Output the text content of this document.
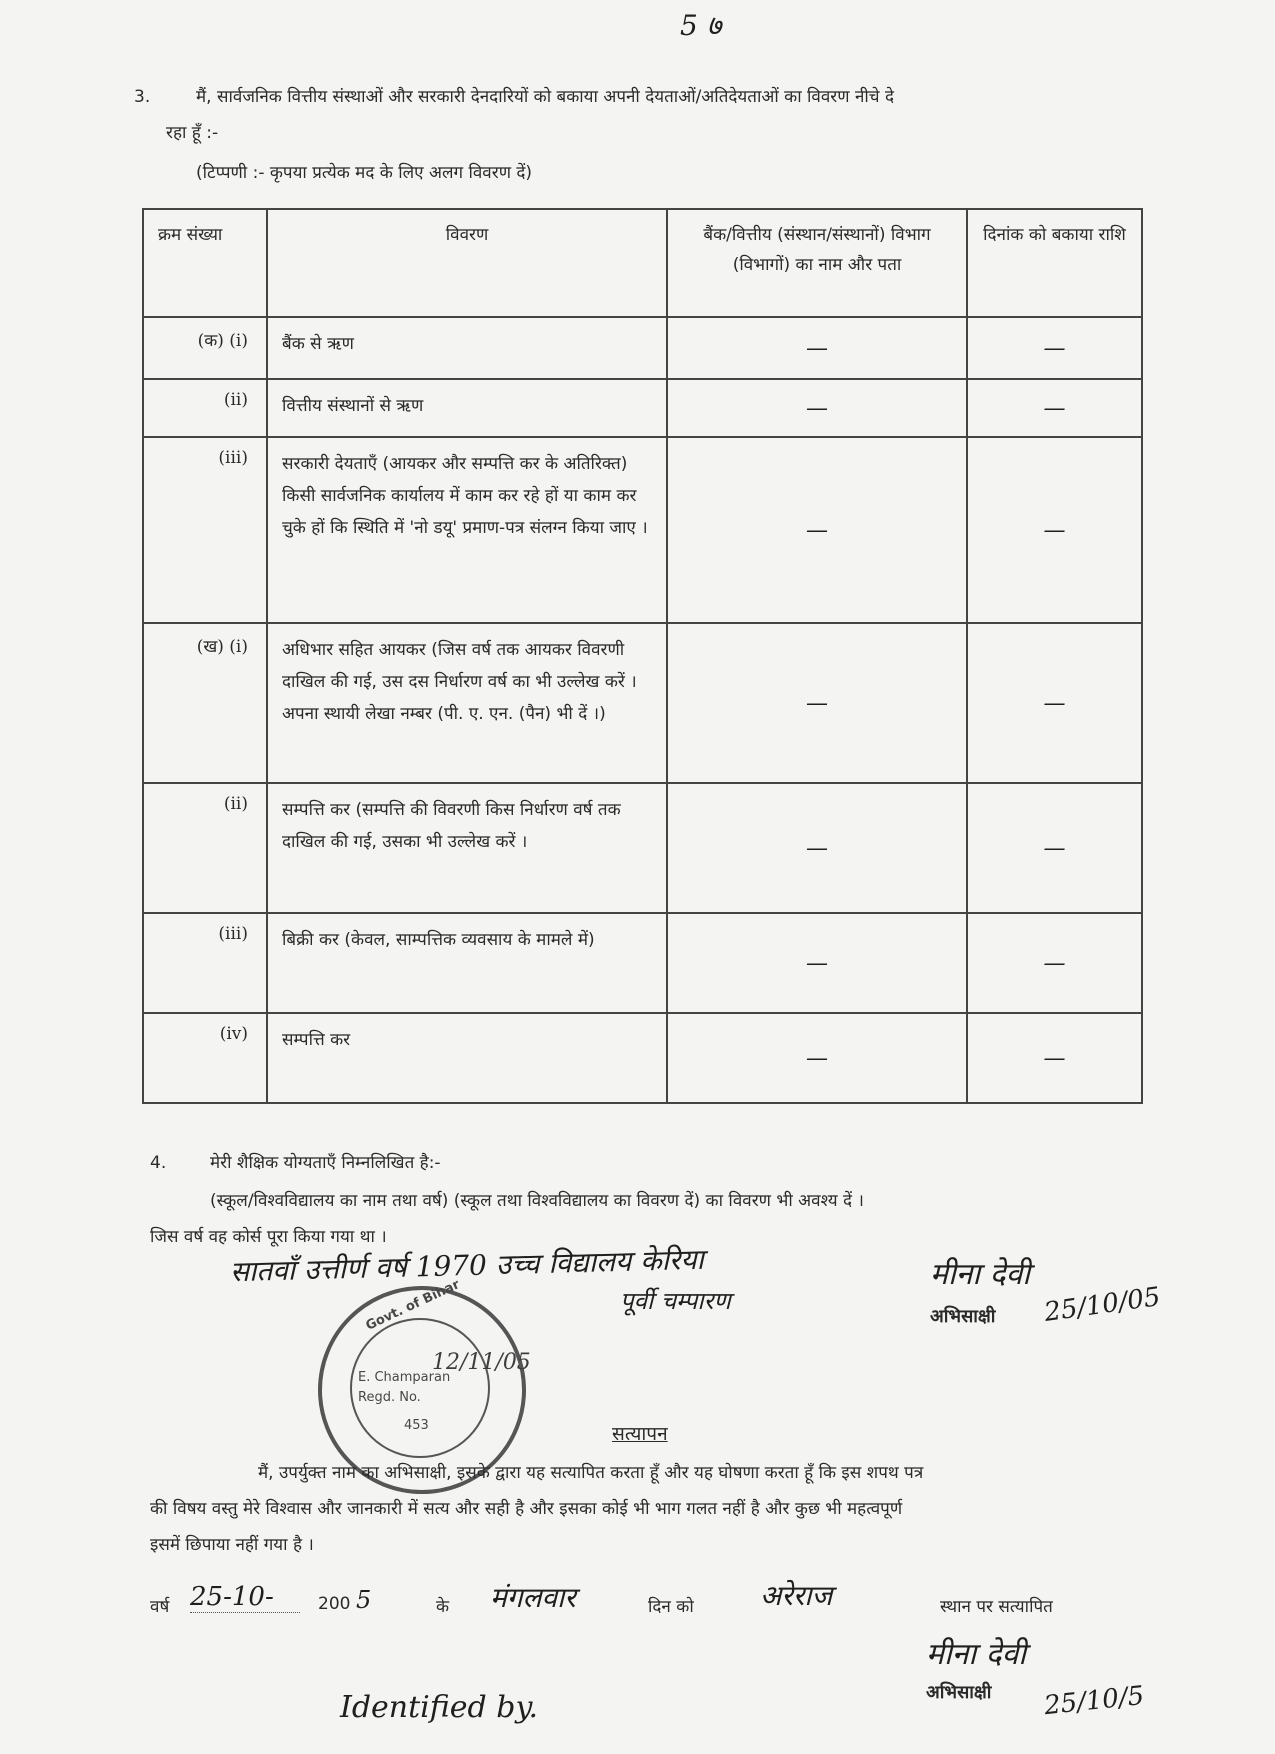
5 ७
3.	मैं, सार्वजनिक वित्तीय संस्थाओं और सरकारी देनदारियों को बकाया अपनी देयताओं/अतिदेयताओं का विवरण नीचे दे
रहा हूँ :-
(टिप्पणी :- कृपया प्रत्येक मद के लिए अलग विवरण दें)
क्रम संख्या	विवरण	बैंक/वित्तीय (संस्थान/संस्थानों) विभाग (विभागों) का नाम और पता	दिनांक को बकाया राशि
(क) (i)	बैंक से ऋण	—	—
(ii)	वित्तीय संस्थानों से ऋण	—	—
(iii)	सरकारी देयताएँ (आयकर और सम्पत्ति कर के अतिरिक्त) किसी सार्वजनिक कार्यालय में काम कर रहे हों या काम कर चुके हों कि स्थिति में 'नो डयू' प्रमाण-पत्र संलग्न किया जाए ।	—	—
(ख) (i)	अधिभार सहित आयकर (जिस वर्ष तक आयकर विवरणी दाखिल की गई, उस दस निर्धारण वर्ष का भी उल्लेख करें । अपना स्थायी लेखा नम्बर (पी. ए. एन. (पैन) भी दें ।)	—	—
(ii)	सम्पत्ति कर (सम्पत्ति की विवरणी किस निर्धारण वर्ष तक दाखिल की गई, उसका भी उल्लेख करें ।	—	—
(iii)	बिक्री कर (केवल, साम्पत्तिक व्यवसाय के मामले में)	—	—
(iv)	सम्पत्ति कर	—	—
4.	मेरी शैक्षिक योग्यताएँ निम्नलिखित है:-
(स्कूल/विश्वविद्यालय का नाम तथा वर्ष) (स्कूल तथा विश्वविद्यालय का विवरण दें) का विवरण भी अवश्य दें ।
जिस वर्ष वह कोर्स पूरा किया गया था ।
सातवाँ उत्तीर्ण वर्ष 1970 उच्च विद्यालय केरिया
पूर्वी चम्पारण
मीना देवी
अभिसाक्षी 25/10/05
Govt. of Bihar
E. Champaran
Regd. No.
12/11/05
453	सत्यापन
मैं, उपर्युक्त नाम का अभिसाक्षी, इसके द्वारा यह सत्यापित करता हूँ और यह घोषणा करता हूँ कि इस शपथ पत्र
की विषय वस्तु मेरे विश्वास और जानकारी में सत्य और सही है और इसका कोई भी भाग गलत नहीं है और कुछ भी महत्वपूर्ण
इसमें छिपाया नहीं गया है ।
वर्ष 25-10-	200 5	के मंगलवार	दिन को अरेराज	स्थान पर सत्यापित
मीना देवी
अभिसाक्षी 25/10/5
Identified by.
